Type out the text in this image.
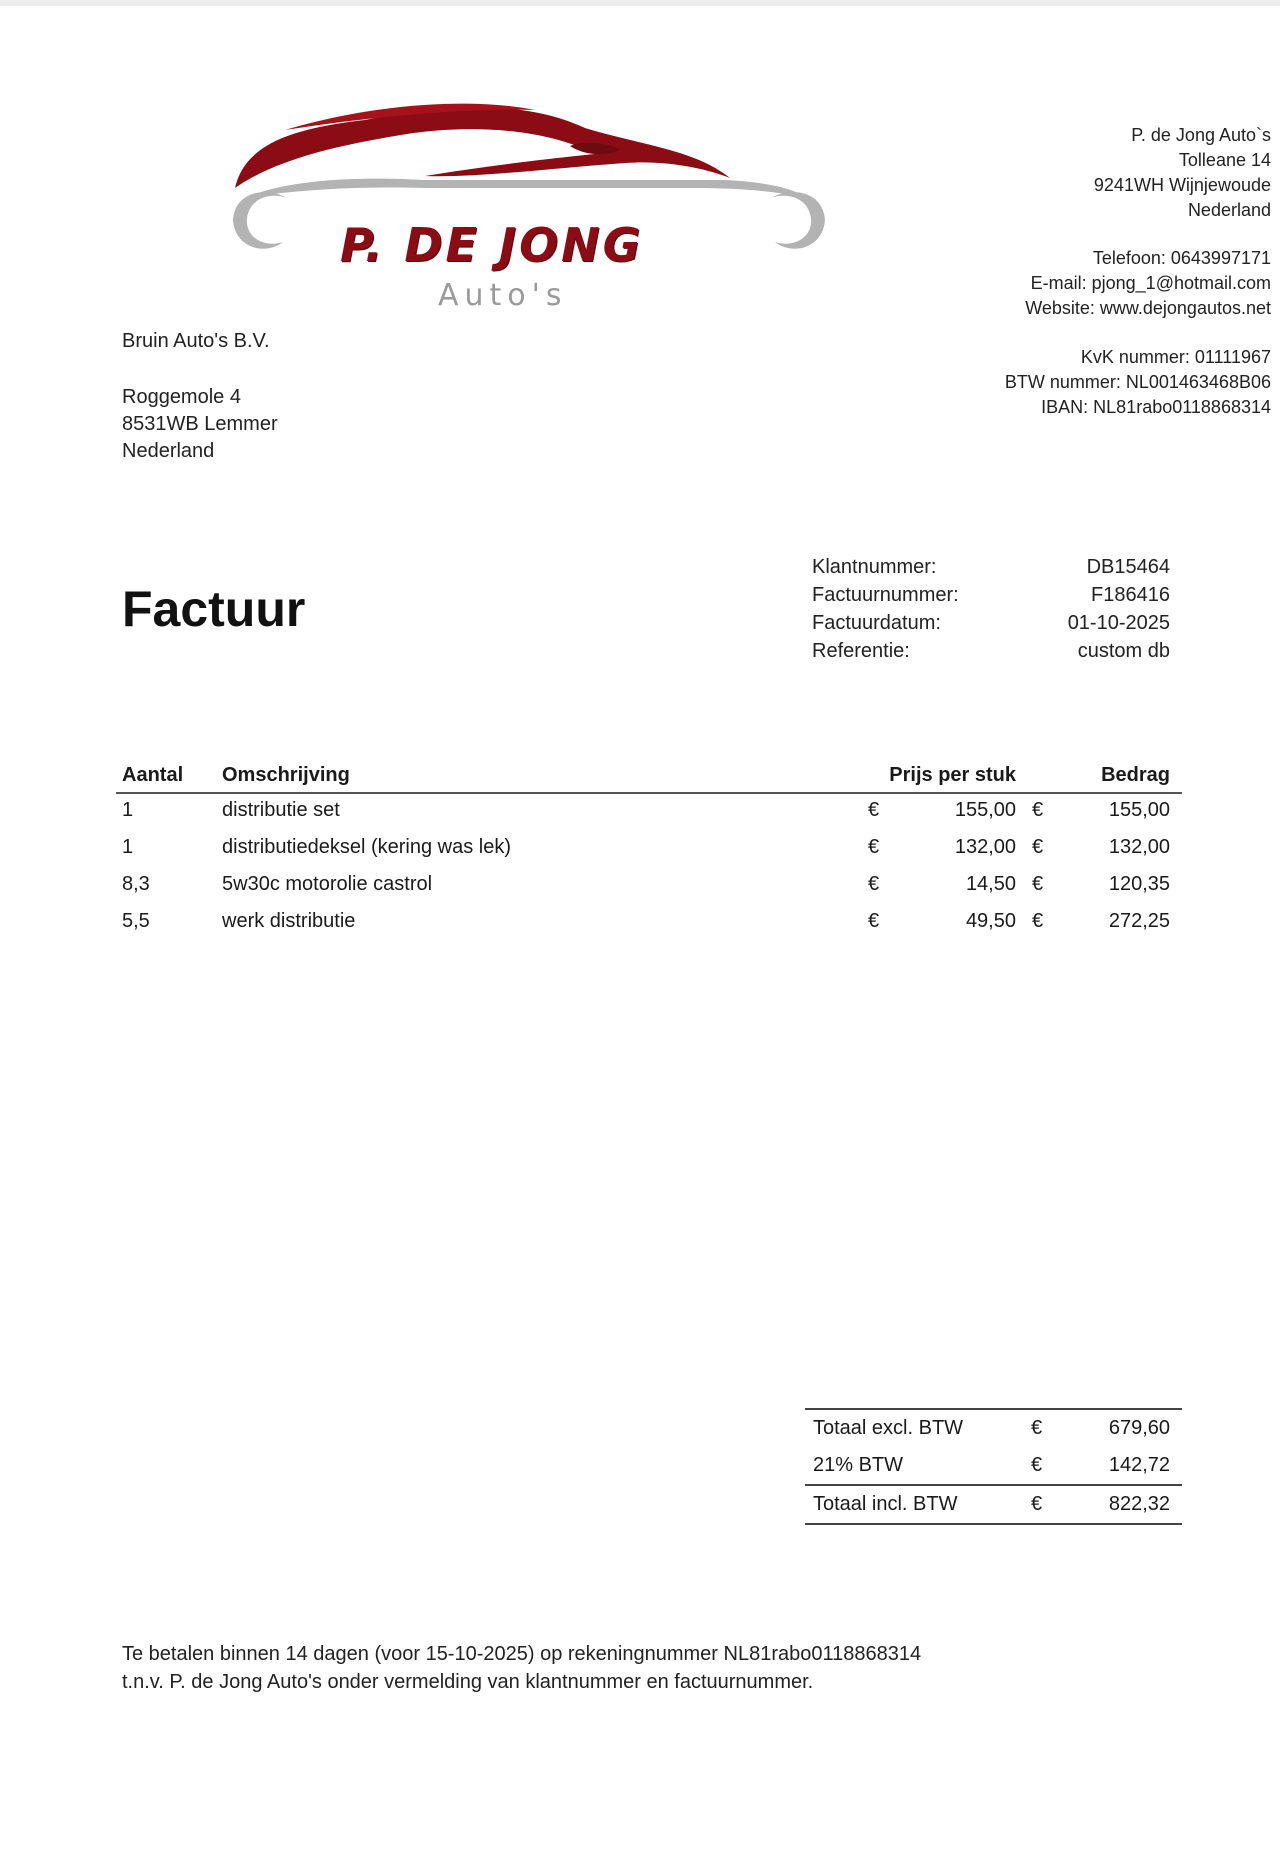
P. DE JONG
Auto's
P. de Jong Auto`s
Tolleane 14
9241WH Wijnjewoude
Nederland
Telefoon: 0643997171
E-mail: pjong_1@hotmail.com
Website: www.dejongautos.net
KvK nummer: 01111967
BTW nummer: NL001463468B06
IBAN: NL81rabo0118868314
Bruin Auto's B.V.
Roggemole 4
8531WB Lemmer
Nederland
Factuur
Klantnummer:	DB15464
Factuurnummer:	F186416
Factuurdatum:	01-10-2025
Referentie:	custom db
Aantal Omschrijving	Prijs per stuk	Bedrag
1	distributie set	€	155,00 €	155,00
1	distributiedeksel (kering was lek)	€	132,00 €	132,00
8,3	5w30c motorolie castrol	€	14,50 €	120,35
5,5	werk distributie	€	49,50 €	272,25
Totaal excl. BTW	€	679,60
21% BTW	€	142,72
Totaal incl. BTW	€	822,32
Te betalen binnen 14 dagen (voor 15-10-2025) op rekeningnummer NL81rabo0118868314
t.n.v. P. de Jong Auto's onder vermelding van klantnummer en factuurnummer.
